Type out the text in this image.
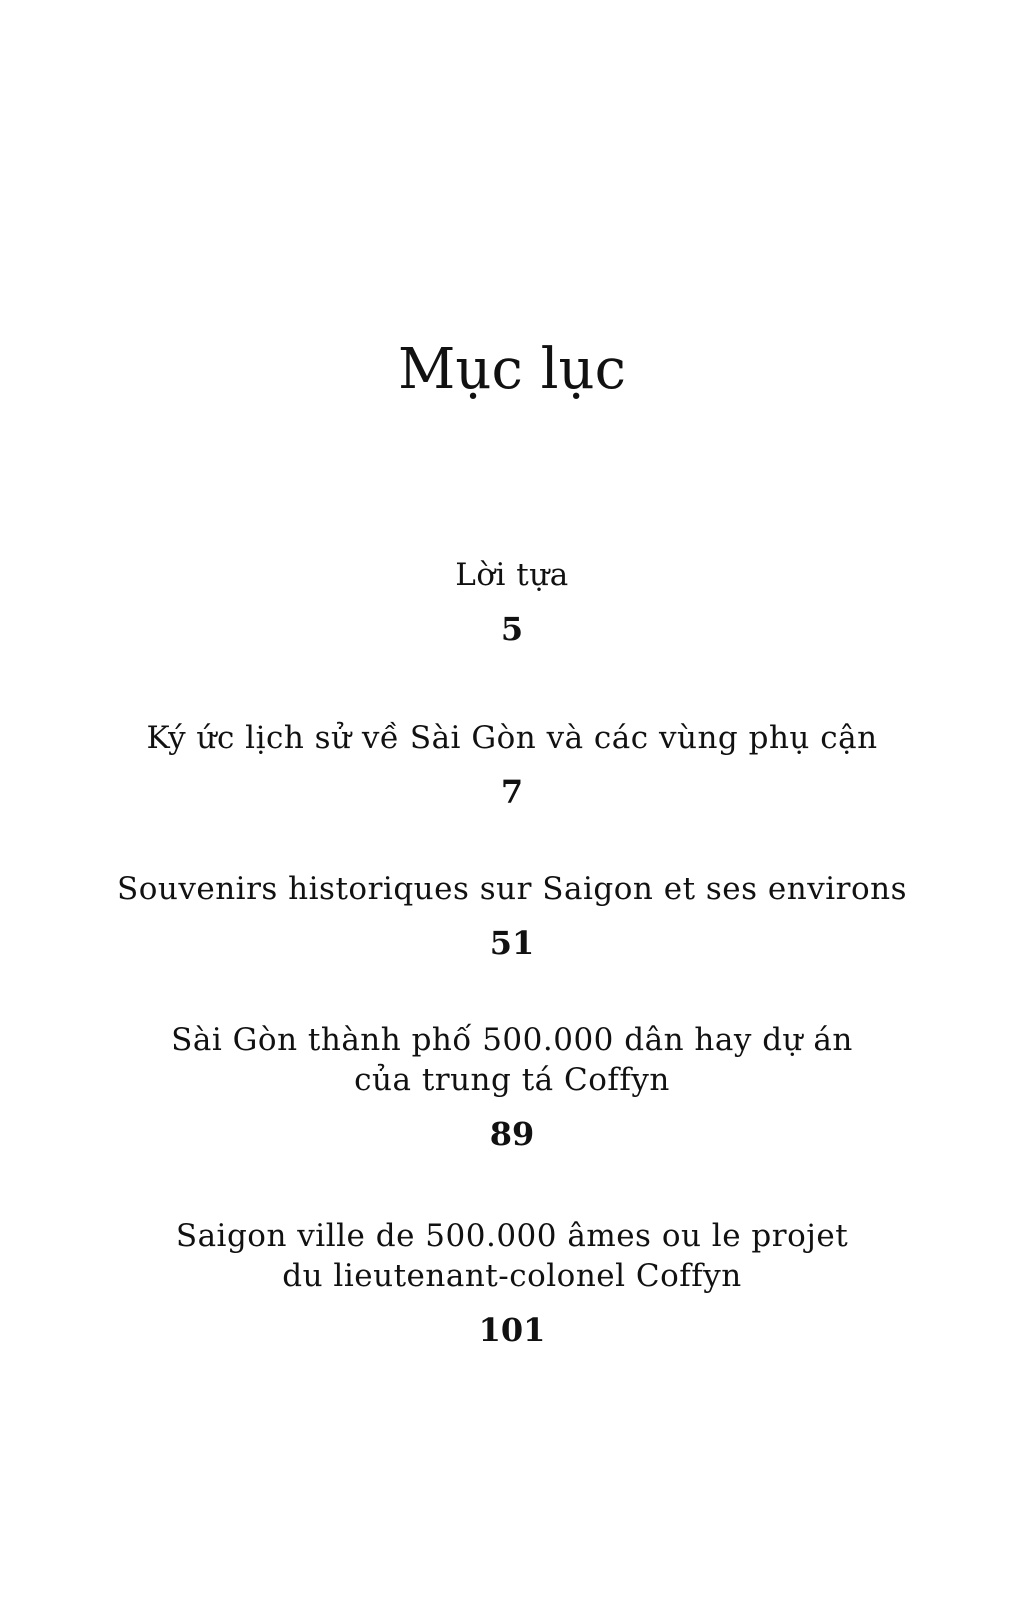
Mục lục
Lời tựa
5
Ký ức lịch sử về Sài Gòn và các vùng phụ cận
7
Souvenirs historiques sur Saigon et ses environs
51
Sài Gòn thành phố 500.000 dân hay dự án
của trung tá Coffyn
89
Saigon ville de 500.000 âmes ou le projet
du lieutenant-colonel Coffyn
101
